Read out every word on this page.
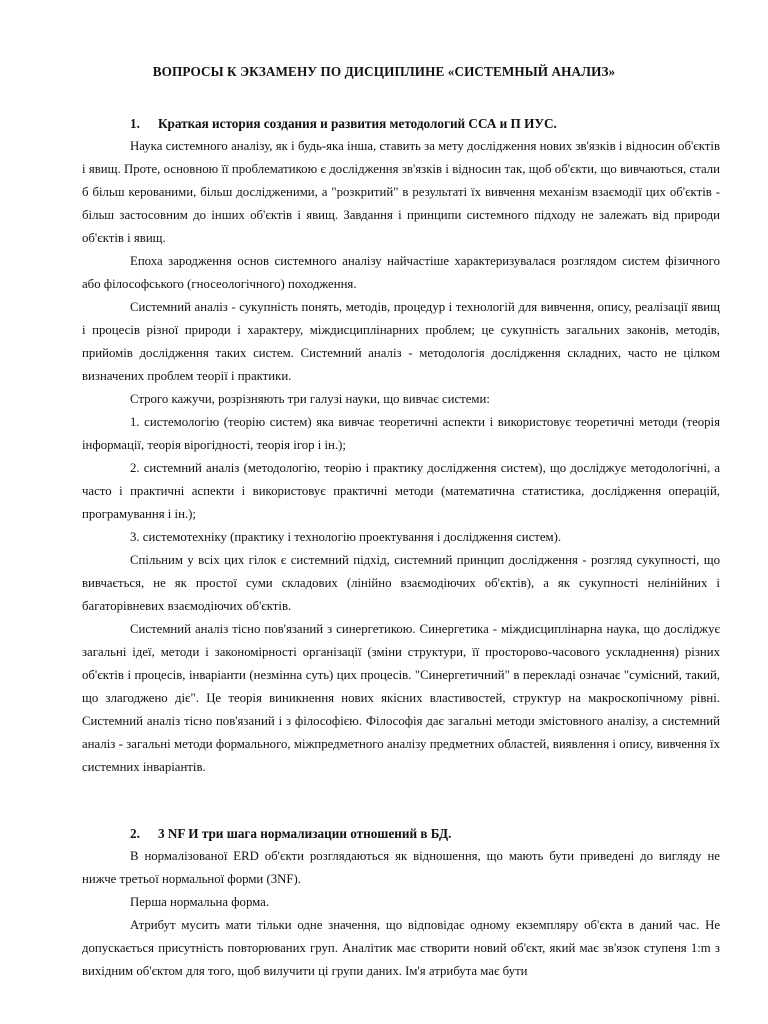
ВОПРОСЫ К ЭКЗАМЕНУ ПО ДИСЦИПЛИНЕ «СИСТЕМНЫЙ АНАЛИЗ»
1. Краткая история создания и развития методологий ССА и П ИУС.

Наука системного аналізу, як і будь-яка інша, ставить за мету дослідження нових зв'язків і відносин об'єктів і явищ. Проте, основною її проблематикою є дослідження зв'язків і відносин так, щоб об'єкти, що вивчаються, стали б більш керованими, більш дослідженими, а "розкритий" в результаті їх вивчення механізм взаємодії цих об'єктів - більш застосовним до інших об'єктів і явищ. Завдання і принципи системного підходу не залежать від природи об'єктів і явищ.

Епоха зародження основ системного аналізу найчастіше характеризувалася розглядом систем фізичного або філософського (гносеологічного) походження.

Системний аналіз - сукупність понять, методів, процедур і технологій для вивчення, опису, реалізації явищ і процесів різної природи і характеру, міждисциплінарних проблем; це сукупність загальних законів, методів, прийомів дослідження таких систем. Системний аналіз - методологія дослідження складних, часто не цілком визначених проблем теорії і практики.

Строго кажучи, розрізняють три галузі науки, що вивчає системи:

1. системологію (теорію систем) яка вивчає теоретичні аспекти і використовує теоретичні методи (теорія інформації, теорія вірогідності, теорія ігор і ін.);

2. системний аналіз (методологію, теорію і практику дослідження систем), що досліджує методологічні, а часто і практичні аспекти і використовує практичні методи (математична статистика, дослідження операцій, програмування і ін.);

3. системотехніку (практику і технологію проектування і дослідження систем).

Спільним у всіх цих гілок є системний підхід, системний принцип дослідження - розгляд сукупності, що вивчається, не як простої суми складових (лінійно взаємодіючих об'єктів), а як сукупності нелінійних і багаторівневих взаємодіючих об'єктів.

Системний аналіз тісно пов'язаний з синергетикою. Синергетика - міждисциплінарна наука, що досліджує загальні ідеї, методи і закономірності організації (зміни структури, її просторово-часового ускладнення) різних об'єктів і процесів, інваріанти (незмінна суть) цих процесів. "Синергетичний" в перекладі означає "сумісний, такий, що злагоджено діє". Це теорія виникнення нових якісних властивостей, структур на макроскопічному рівні. Системний аналіз тісно пов'язаний і з філософією. Філософія дає загальні методи змістовного аналізу, а системний аналіз - загальні методи формального, міжпредметного аналізу предметних областей, виявлення і опису, вивчення їх системних інваріантів.

2. 3 NF И три шага нормализации отношений в БД.

В нормалізованої ERD об'єкти розглядаються як відношення, що мають бути приведені до вигляду не нижче третьої нормальної форми (3NF).

Перша нормальна форма.

Атрибут мусить мати тільки одне значення, що відповідає одному екземпляру об'єкта в даний час. Не допускається присутність повторюваних груп. Аналітик має створити новий об'єкт, який має зв'язок ступеня 1:m з вихідним об'єктом для того, щоб вилучити ці групи даних. Ім'я атрибута має бути
